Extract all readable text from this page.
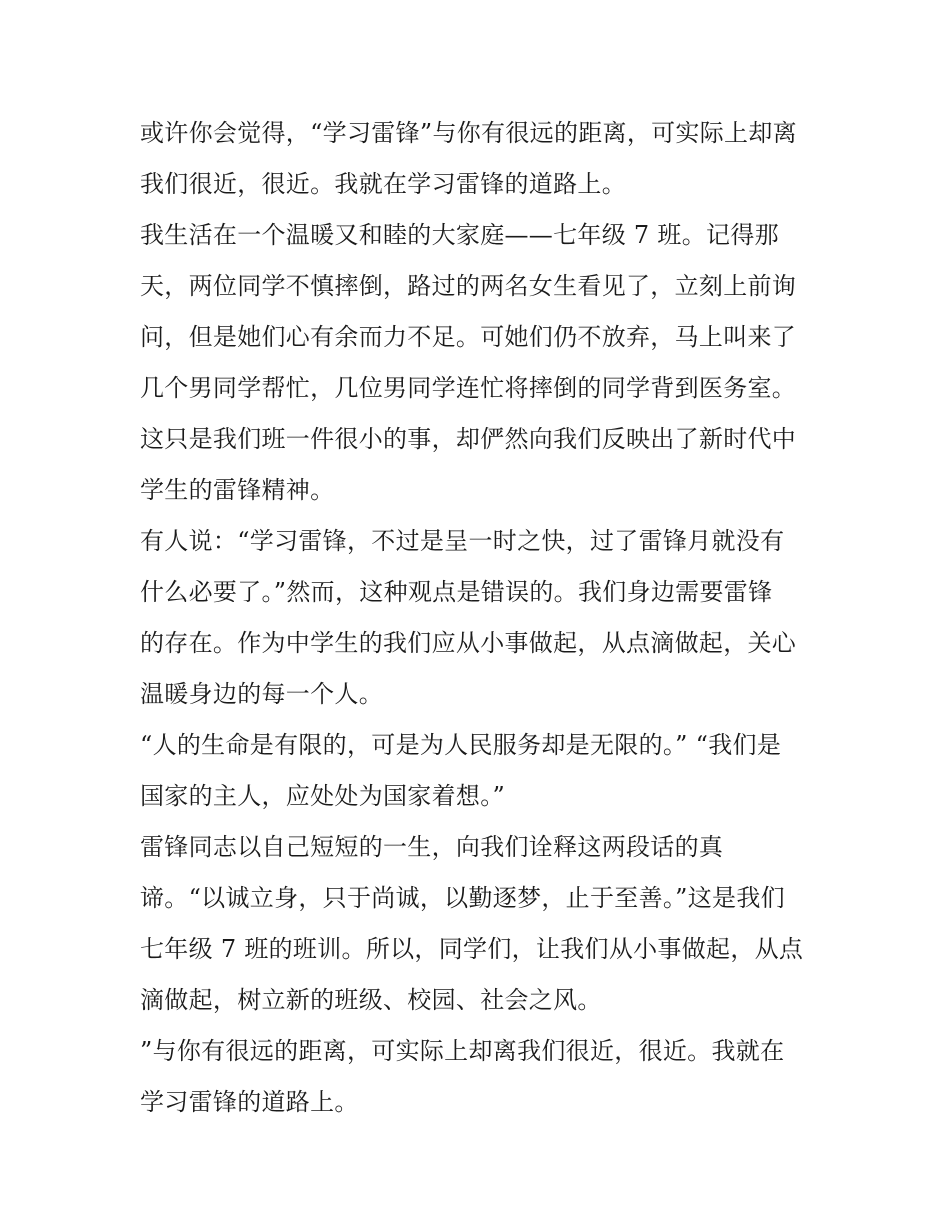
或许你会觉得，“学习雷锋”与你有很远的距离，可实际上却离
我们很近，很近。我就在学习雷锋的道路上。
我生活在一个温暖又和睦的大家庭——七年级 7 班。记得那
天，两位同学不慎摔倒，路过的两名女生看见了，立刻上前询
问，但是她们心有余而力不足。可她们仍不放弃，马上叫来了
几个男同学帮忙，几位男同学连忙将摔倒的同学背到医务室。
这只是我们班一件很小的事，却俨然向我们反映出了新时代中
学生的雷锋精神。
有人说：“学习雷锋，不过是呈一时之快，过了雷锋月就没有
什么必要了。”然而，这种观点是错误的。我们身边需要雷锋
的存在。作为中学生的我们应从小事做起，从点滴做起，关心
温暖身边的每一个人。
“人的生命是有限的，可是为人民服务却是无限的。” “我们是
国家的主人，应处处为国家着想。”
雷锋同志以自己短短的一生，向我们诠释这两段话的真
谛。“以诚立身，只于尚诚，以勤逐梦，止于至善。”这是我们
七年级 7 班的班训。所以，同学们，让我们从小事做起，从点
滴做起，树立新的班级、校园、社会之风。
”与你有很远的距离，可实际上却离我们很近，很近。我就在
学习雷锋的道路上。
